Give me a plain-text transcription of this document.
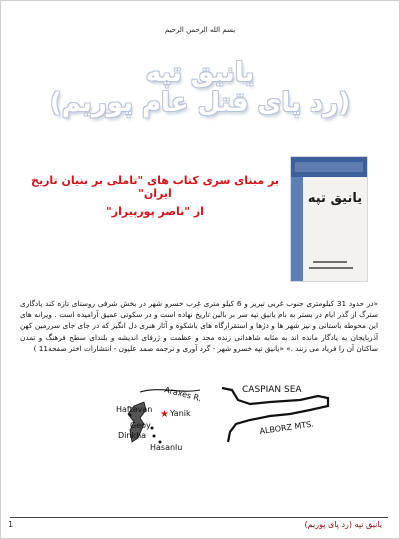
بسم الله الرحمن الرحیم
یانیق تپه
(رد پای قتل عام پوریم)
یانیق تپه
بر مبنای سری کتاب های "تاملی بر بنیان تاریخ ایران"
از "ناصر پورپیرار"
«در حدود 31 کیلومتری جنوب غربی تبریز و 6 کیلو متری غرب خسرو شهر در بخش شرقی روستای تازه کند یادگاری سترگ از گذر ایام در بستر به نام یانیق تپه سر بر بالین تاریخ نهاده است و در سکوتی عمیق آرامیده است . ویرانه های این محوطه باستانی و نیز شهر ها و دژها و استقرارگاه های باشکوه و آثار هنری دل انگیز که در جای جای سرزمین کهن آذربایجان به یادگار مانده اند به مثابه شاهدانی زنده مجد و عظمت و ژرفای اندیشه و بلندای سطح فرهنگ و تمدن ساکنان آن را فریاد می زنند .» «یانیق تپه خسرو شهر - گرد آوری و ترجمه صمد علیون - انتشارات اختر صفحه11 )
★
Araxes R.	CASPIAN SEA
ALBORZ MTS.
Haftavan Yanik
Geoy
Dinkha
Hasanlu
یانیق تپه (رد پای پوریم)
1
